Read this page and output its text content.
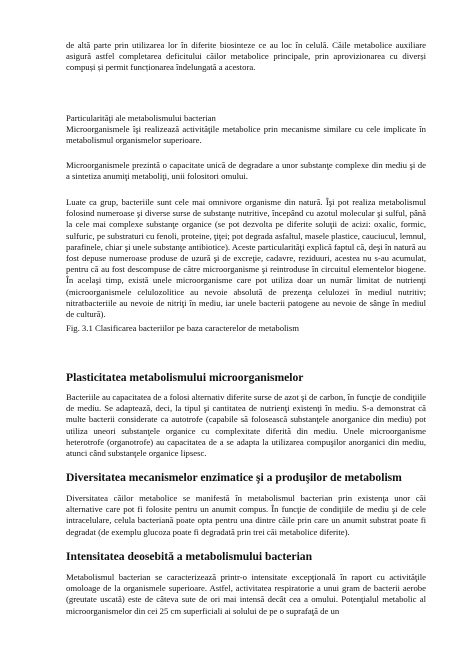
de altă parte prin utilizarea lor în diferite biosinteze ce au loc în celulă. Căile metabolice auxiliare asigură astfel completarea deficitului căilor metabolice principale, prin aprovizionarea cu diverși compuși și permit funcționarea îndelungată a acestora.

Particularităţi ale metabolismului bacterian

Microorganismele îşi realizează activităţile metabolice prin mecanisme similare cu cele implicate în metabolismul organismelor superioare.

Microorganismele prezintă o capacitate unică de degradare a unor substanţe complexe din mediu şi de a sintetiza anumiţi metaboliţi, unii folositori omului.

Luate ca grup, bacteriile sunt cele mai omnivore organisme din natură. Îşi pot realiza metabolismul folosind numeroase şi diverse surse de substanţe nutritive, începând cu azotul molecular şi sulful, până la cele mai complexe substanţe organice (se pot dezvolta pe diferite soluţii de acizi: oxalic, formic, sulfuric, pe substraturi cu fenoli, proteine, ţiţei; pot degrada asfaltul, masele plastice, cauciucul, lemnul, parafinele, chiar şi unele substanţe antibiotice). Aceste particularităţi explică faptul că, deşi în natură au fost depuse numeroase produse de uzură şi de excreţie, cadavre, reziduuri, acestea nu s-au acumulat, pentru că au fost descompuse de către microorganisme şi reintroduse în circuitul elementelor biogene. În acelaşi timp, există unele microorganisme care pot utiliza doar un număr limitat de nutrienţi (microorganismele celulozolitice au nevoie absolută de prezenţa celulozei în mediul nutritiv; nitratbacteriile au nevoie de nitriţi în mediu, iar unele bacterii patogene au nevoie de sânge în mediul de cultură).

Fig. 3.1 Clasificarea bacteriilor pe baza caracterelor de metabolism

Plasticitatea metabolismului microorganismelor

Bacteriile au capacitatea de a folosi alternativ diferite surse de azot şi de carbon, în funcţie de condiţiile de mediu. Se adaptează, deci, la tipul şi cantitatea de nutrienţi existenţi în mediu. S-a demonstrat că multe bacterii considerate ca autotrofe (capabile să folosească substanţele anorganice din mediu) pot utiliza uneori substanţele organice cu complexitate diferită din mediu. Unele microorganisme heterotrofe (organotrofe) au capacitatea de a se adapta la utilizarea compuşilor anorganici din mediu, atunci când substanţele organice lipsesc.

Diversitatea mecanismelor enzimatice şi a produşilor de metabolism

Diversitatea căilor metabolice se manifestă în metabolismul bacterian prin existenţa unor căi alternative care pot fi folosite pentru un anumit compus. În funcţie de condiţiile de mediu şi de cele intracelulare, celula bacteriană poate opta pentru una dintre căile prin care un anumit substrat poate fi degradat (de exemplu glucoza poate fi degradată prin trei căi metabolice diferite).

Intensitatea deosebită a metabolismului bacterian

Metabolismul bacterian se caracterizează printr-o intensitate excepţională în raport cu activităţile omoloage de la organismele superioare. Astfel, activitatea respiratorie a unui gram de bacterii aerobe (greutate uscată) este de câteva sute de ori mai intensă decât cea a omului. Potenţialul metabolic al microorganismelor din cei 25 cm superficiali ai solului de pe o suprafaţă de un
